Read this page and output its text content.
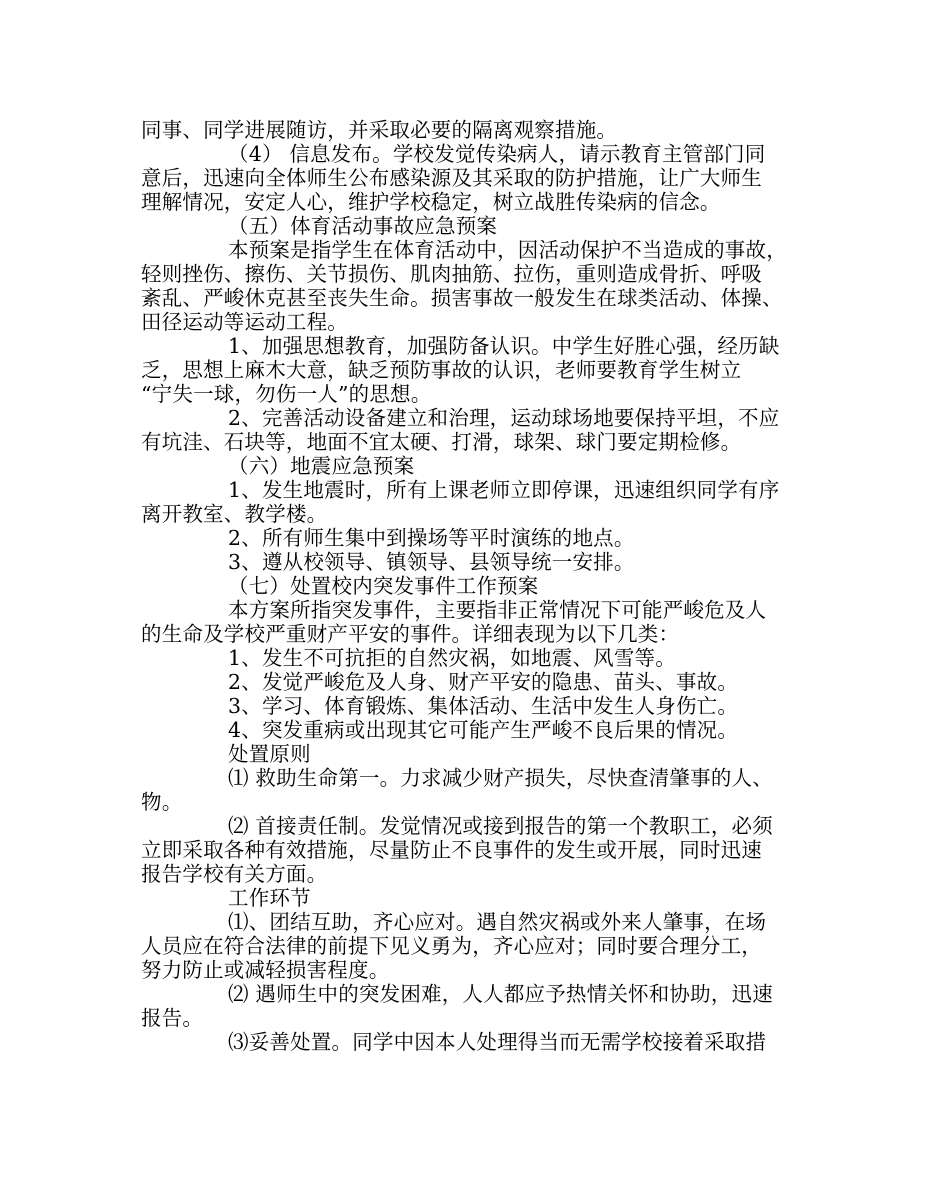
同事、同学进展随访，并采取必要的隔离观察措施。
（4） 信息发布。学校发觉传染病人，请示教育主管部门同
意后，迅速向全体师生公布感染源及其采取的防护措施，让广大师生
理解情况，安定人心，维护学校稳定，树立战胜传染病的信念。
（五）体育活动事故应急预案
本预案是指学生在体育活动中，因活动保护不当造成的事故，
轻则挫伤、擦伤、关节损伤、肌肉抽筋、拉伤，重则造成骨折、呼吸
紊乱、严峻休克甚至丧失生命。损害事故一般发生在球类活动、体操、
田径运动等运动工程。
1、加强思想教育，加强防备认识。中学生好胜心强，经历缺
乏，思想上麻木大意，缺乏预防事故的认识，老师要教育学生树立
“宁失一球，勿伤一人”的思想。
2、完善活动设备建立和治理，运动球场地要保持平坦，不应
有坑洼、石块等，地面不宜太硬、打滑，球架、球门要定期检修。
（六）地震应急预案
1、发生地震时，所有上课老师立即停课，迅速组织同学有序
离开教室、教学楼。
2、所有师生集中到操场等平时演练的地点。
3、遵从校领导、镇领导、县领导统一安排。
（七）处置校内突发事件工作预案
本方案所指突发事件，主要指非正常情况下可能严峻危及人
的生命及学校严重财产平安的事件。详细表现为以下几类：
1、发生不可抗拒的自然灾祸，如地震、风雪等。
2、发觉严峻危及人身、财产平安的隐患、苗头、事故。
3、学习、体育锻炼、集体活动、生活中发生人身伤亡。
4、突发重病或出现其它可能产生严峻不良后果的情况。
处置原则
⑴ 救助生命第一。力求减少财产损失，尽快查清肇事的人、
物。
⑵ 首接责任制。发觉情况或接到报告的第一个教职工，必须
立即采取各种有效措施，尽量防止不良事件的发生或开展，同时迅速
报告学校有关方面。
工作环节
⑴、团结互助，齐心应对。遇自然灾祸或外来人肇事，在场
人员应在符合法律的前提下见义勇为，齐心应对；同时要合理分工，
努力防止或减轻损害程度。
⑵ 遇师生中的突发困难，人人都应予热情关怀和协助，迅速
报告。
⑶妥善处置。同学中因本人处理得当而无需学校接着采取措
